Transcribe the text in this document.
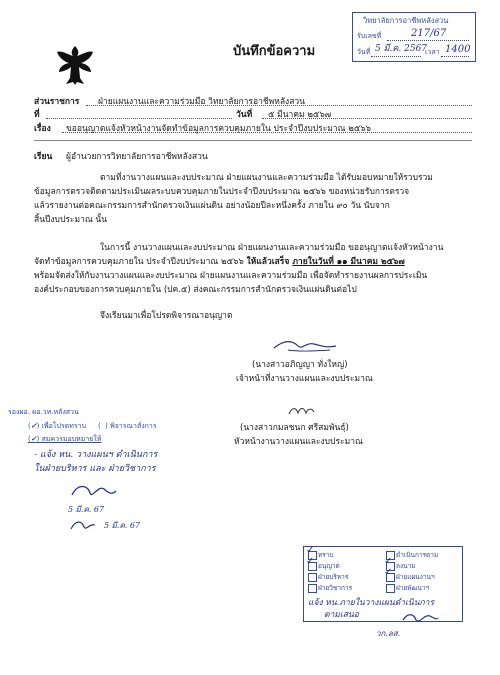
บันทึกข้อความ
วิทยาลัยการอาชีพหลังสวน
รับเลขที่	217/67
วันที่ 5 มี.ค. 2567
เวลา 1400
ส่วนราชการ ฝ่ายแผนงานและความร่วมมือ วิทยาลัยการอาชีพหลังสวน
ที่	วันที่ ๕ มีนาคม ๒๕๖๗
เรื่อง ขออนุญาตแจ้งหัวหน้างานจัดทำข้อมูลการควบคุมภายใน ประจำปีงบประมาณ ๒๕๖๖
เรียน ผู้อำนวยการวิทยาลัยการอาชีพหลังสวน
ตามที่งานวางแผนและงบประมาณ ฝ่ายแผนงานและความร่วมมือ ได้รับมอบหมายให้รวบรวม
ข้อมูลการตรวจติดตามประเมินผลระบบควบคุมภายในประจำปีงบประมาณ ๒๕๖๖ ของหน่วยรับการตรวจ
แล้วรายงานต่อคณะกรรมการสำนักตรวจเงินแผ่นดิน อย่างน้อยปีละหนึ่งครั้ง ภายใน ๙๐ วัน นับจาก
สิ้นปีงบประมาณ นั้น
ในการนี้ งานวางแผนและงบประมาณ ฝ่ายแผนงานและความร่วมมือ ขออนุญาตแจ้งหัวหน้างาน
จัดทำข้อมูลการควบคุมภายใน ประจำปีงบประมาณ ๒๕๖๖ ให้แล้วเสร็จ ภายในวันที่ ๑๑ มีนาคม ๒๕๖๗
พร้อมจัดส่งให้กับงานวางแผนและงบประมาณ ฝ่ายแผนงานและความร่วมมือ เพื่อจัดทำรายงานผลการประเมิน
องค์ประกอบของการควบคุมภายใน (ปค.๕) ส่งคณะกรรมการสำนักตรวจเงินแผ่นดินต่อไป
จึงเรียนมาเพื่อโปรดพิจารณาอนุญาต
(นางสาวอภิญญา ทั่งใหญ่)
เจ้าหน้าที่งานวางแผนและงบประมาณ
(นางสาวกมลชนก ศรีสมพันธุ์)
หัวหน้างานวางแผนและงบประมาณ
รองผอ. ผอ.วท.หลังสวน
(✓) เพื่อโปรดทราบ (  ) พิจารณาสั่งการ
(✓) สมควรมอบหมายให้
- แจ้ง หน. วางแผนฯ ดำเนินการ
ในฝ่ายบริหาร และ ฝ่ายวิชาการ
5 มี.ค. 67
5 มี.ค. 67
ทราบ	ดำเนินการตาม
อนุญาต	ลงนาม
ฝ่ายบริหาร	ฝ่ายแผนงานฯ
ฝ่ายวิชาการ	ฝ่ายพัฒนาฯ
✓
✓	✓
✓
แจ้ง หน.ภายในวางแผนดำเนินการ
ตามเสนอ
วก.ลส.
